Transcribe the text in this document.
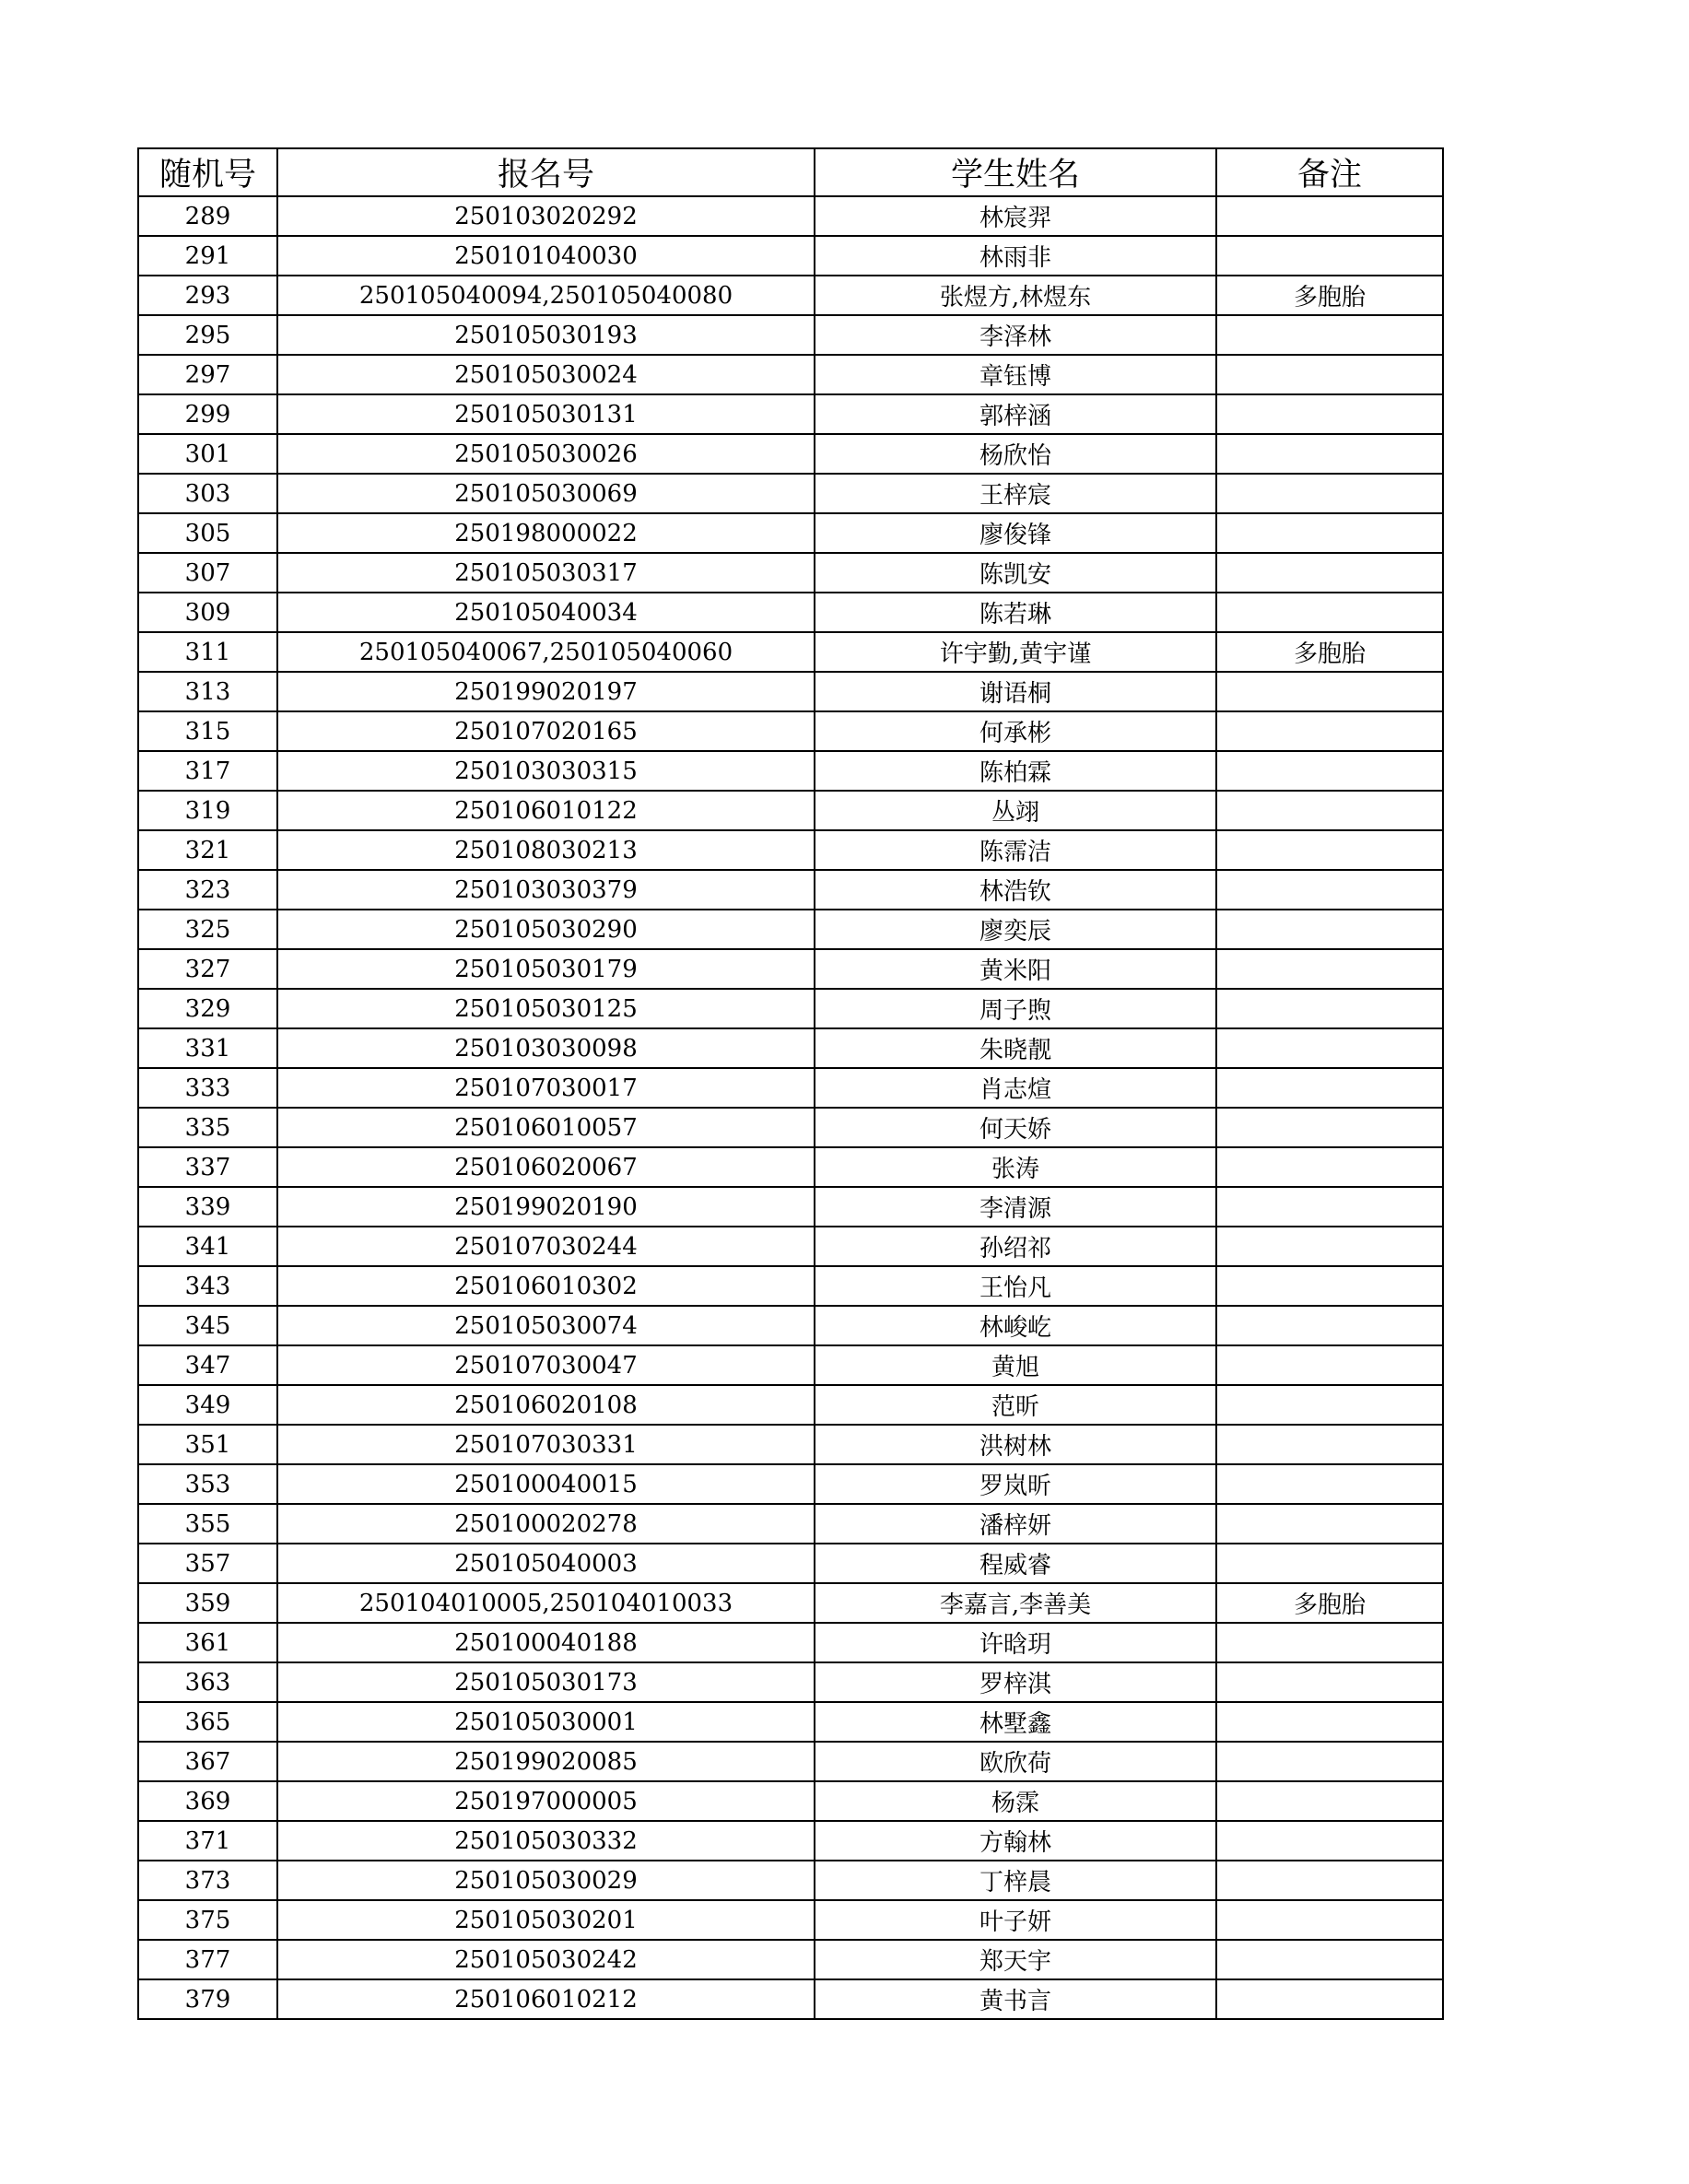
随机号	报名号	学生姓名	备注
289	250103020292	林宸羿	
291	250101040030	林雨非	
293	250105040094,250105040080	张煜方,林煜东	多胞胎
295	250105030193	李泽林	
297	250105030024	章钰博	
299	250105030131	郭梓涵	
301	250105030026	杨欣怡	
303	250105030069	王梓宸	
305	250198000022	廖俊锋	
307	250105030317	陈凯安	
309	250105040034	陈若琳	
311	250105040067,250105040060	许宇勤,黄宇谨	多胞胎
313	250199020197	谢语桐	
315	250107020165	何承彬	
317	250103030315	陈柏霖	
319	250106010122	丛翊	
321	250108030213	陈霈洁	
323	250103030379	林浩钦	
325	250105030290	廖奕辰	
327	250105030179	黄米阳	
329	250105030125	周子煦	
331	250103030098	朱晓靓	
333	250107030017	肖志煊	
335	250106010057	何天娇	
337	250106020067	张涛	
339	250199020190	李清源	
341	250107030244	孙绍祁	
343	250106010302	王怡凡	
345	250105030074	林峻屹	
347	250107030047	黄旭	
349	250106020108	范昕	
351	250107030331	洪树林	
353	250100040015	罗岚昕	
355	250100020278	潘梓妍	
357	250105040003	程威睿	
359	250104010005,250104010033	李嘉言,李善美	多胞胎
361	250100040188	许晗玥	
363	250105030173	罗梓淇	
365	250105030001	林墅鑫	
367	250199020085	欧欣荷	
369	250197000005	杨霂	
371	250105030332	方翰林	
373	250105030029	丁梓晨	
375	250105030201	叶子妍	
377	250105030242	郑天宇	
379	250106010212	黄书言	
